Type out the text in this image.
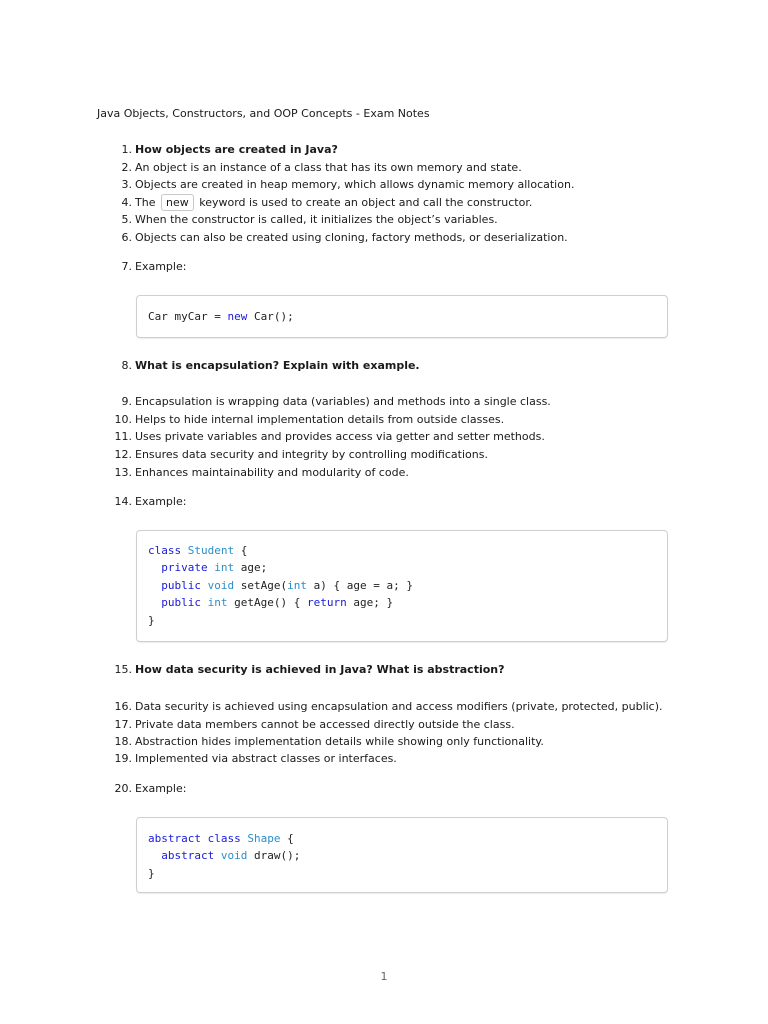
Java Objects, Constructors, and OOP Concepts - Exam Notes
1. How objects are created in Java?
2. An object is an instance of a class that has its own memory and state.
3. Objects are created in heap memory, which allows dynamic memory allocation.
4. The new keyword is used to create an object and call the constructor.
5. When the constructor is called, it initializes the object’s variables.
6. Objects can also be created using cloning, factory methods, or deserialization.
7. Example:
Car myCar = new Car();
8. What is encapsulation? Explain with example.
9. Encapsulation is wrapping data (variables) and methods into a single class.
10. Helps to hide internal implementation details from outside classes.
11. Uses private variables and provides access via getter and setter methods.
12. Ensures data security and integrity by controlling modifications.
13. Enhances maintainability and modularity of code.
14. Example:
class Student {
private int age;
public void setAge(int a) { age = a; }
public int getAge() { return age; }
}
15. How data security is achieved in Java? What is abstraction?
16. Data security is achieved using encapsulation and access modifiers (private, protected, public).
17. Private data members cannot be accessed directly outside the class.
18. Abstraction hides implementation details while showing only functionality.
19. Implemented via abstract classes or interfaces.
20. Example:
abstract class Shape {
abstract void draw();
}
1
